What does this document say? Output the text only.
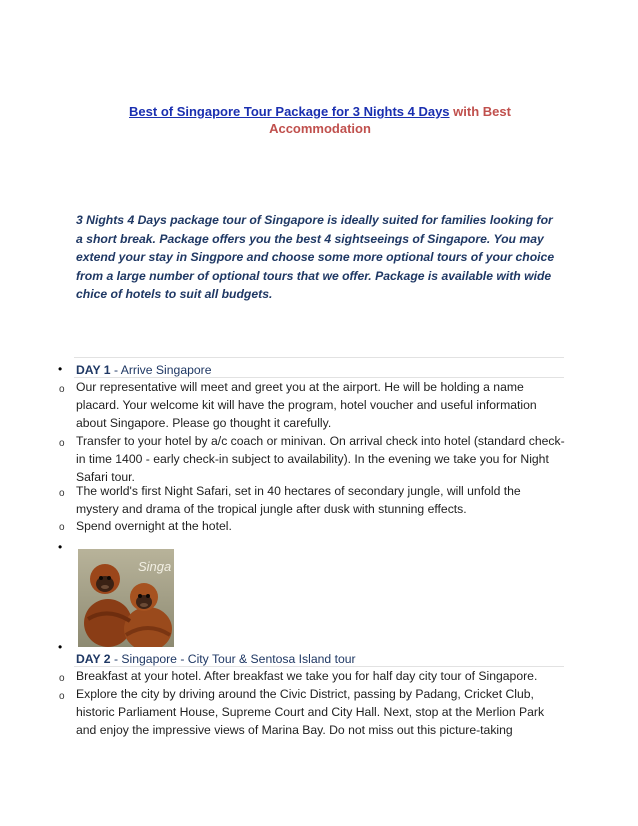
Best of Singapore Tour Package for 3 Nights 4 Days with Best Accommodation
3 Nights 4 Days package tour of Singapore is ideally suited for families looking for a short break. Package offers you the best 4 sightseeings of Singapore. You may extend your stay in Singpore and choose some more optional tours of your choice from a large number of optional tours that we offer. Package is available with wide chice of hotels to suit all budgets.
• DAY 1 - Arrive Singapore
o Our representative will meet and greet you at the airport. He will be holding a name placard. Your welcome kit will have the program, hotel voucher and useful information about Singapore. Please go thought it carefully.
o Transfer to your hotel by a/c coach or minivan. On arrival check into hotel (standard check-in time 1400 - early check-in subject to availability). In the evening we take you for Night Safari tour.
o The world's first Night Safari, set in 40 hectares of secondary jungle, will unfold the mystery and drama of the tropical jungle after dusk with stunning effects.
o Spend overnight at the hotel.
•
Singa
•
DAY 2 - Singapore - City Tour & Sentosa Island tour
o Breakfast at your hotel. After breakfast we take you for half day city tour of Singapore.
o Explore the city by driving around the Civic District, passing by Padang, Cricket Club, historic Parliament House, Supreme Court and City Hall. Next, stop at the Merlion Park and enjoy the impressive views of Marina Bay. Do not miss out this picture-taking
